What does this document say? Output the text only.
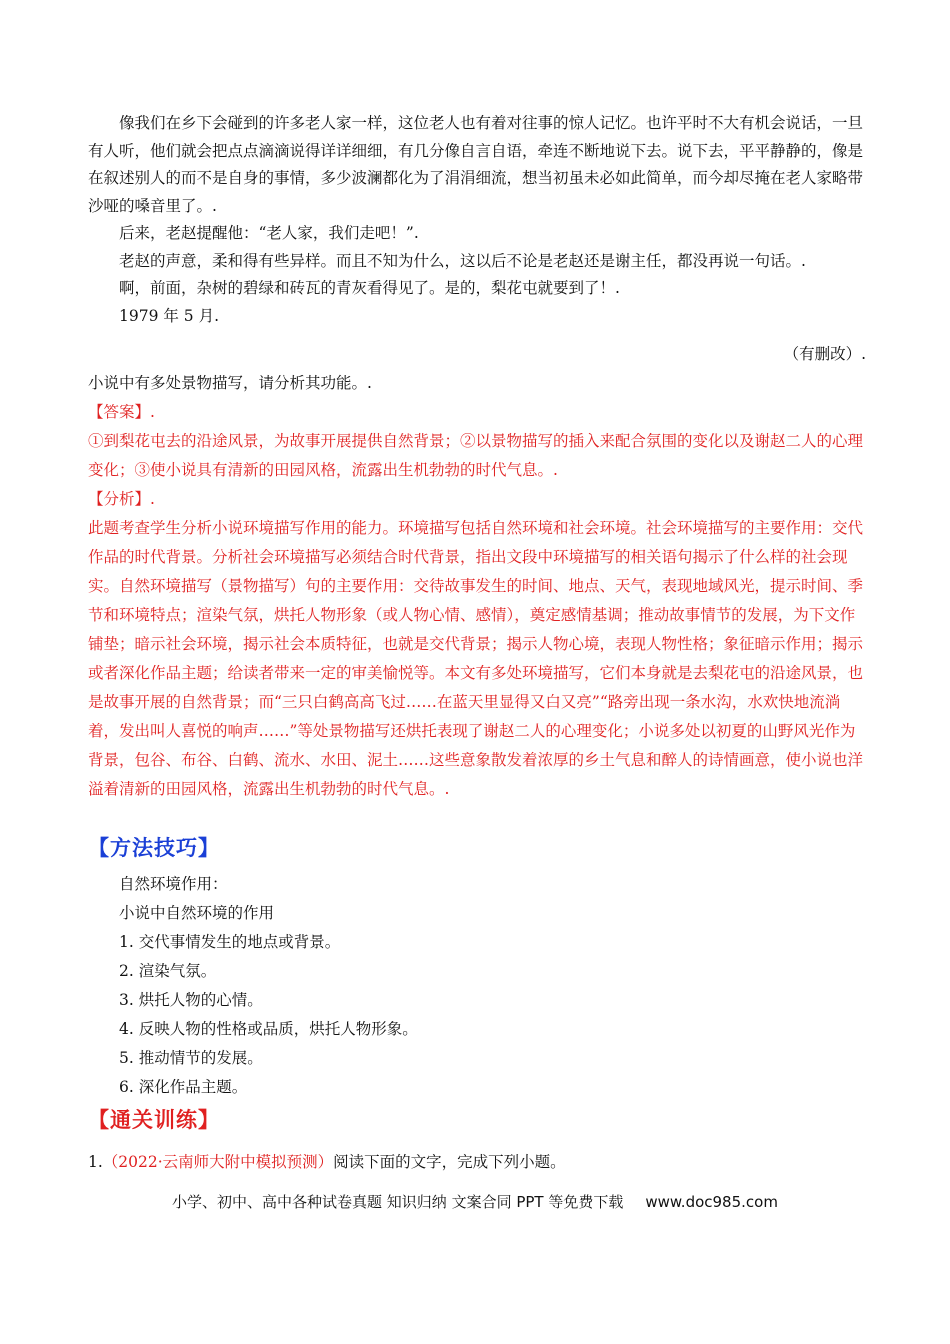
像我们在乡下会碰到的许多老人家一样，这位老人也有着对往事的惊人记忆。也许平时不大有机会说话，一旦有人听，他们就会把点点滴滴说得详详细细，有几分像自言自语，牵连不断地说下去。说下去，平平静静的，像是在叙述别人的而不是自身的事情，多少波澜都化为了涓涓细流，想当初虽未必如此简单，而今却尽掩在老人家略带沙哑的嗓音里了。.

后来，老赵提醒他：“老人家，我们走吧！”.

老赵的声意，柔和得有些异样。而且不知为什么，这以后不论是老赵还是谢主任，都没再说一句话。.

啊，前面，杂树的碧绿和砖瓦的青灰看得见了。是的，梨花屯就要到了！.

1979 年 5 月.

（有删改）.

小说中有多处景物描写，请分析其功能。.

【答案】.

①到梨花屯去的沿途风景，为故事开展提供自然背景；②以景物描写的插入来配合氛围的变化以及谢赵二人的心理变化；③使小说具有清新的田园风格，流露出生机勃勃的时代气息。.

【分析】.

此题考查学生分析小说环境描写作用的能力。环境描写包括自然环境和社会环境。社会环境描写的主要作用：交代作品的时代背景。分析社会环境描写必须结合时代背景，指出文段中环境描写的相关语句揭示了什么样的社会现实。自然环境描写（景物描写）句的主要作用：交待故事发生的时间、地点、天气，表现地域风光，提示时间、季节和环境特点；渲染气氛，烘托人物形象（或人物心情、感情），奠定感情基调；推动故事情节的发展，为下文作铺垫；暗示社会环境，揭示社会本质特征，也就是交代背景；揭示人物心境，表现人物性格；象征暗示作用；揭示或者深化作品主题；给读者带来一定的审美愉悦等。本文有多处环境描写，它们本身就是去梨花屯的沿途风景，也是故事开展的自然背景；而“三只白鹤高高飞过……在蓝天里显得又白又亮”“路旁出现一条水沟，水欢快地流淌着，发出叫人喜悦的响声……”等处景物描写还烘托表现了谢赵二人的心理变化；小说多处以初夏的山野风光作为背景，包谷、布谷、白鹤、流水、水田、泥土……这些意象散发着浓厚的乡土气息和醉人的诗情画意，使小说也洋溢着清新的田园风格，流露出生机勃勃的时代气息。.

【方法技巧】

自然环境作用：

小说中自然环境的作用

1. 交代事情发生的地点或背景。

2. 渲染气氛。

3. 烘托人物的心情。

4. 反映人物的性格或品质，烘托人物形象。

5. 推动情节的发展。

6. 深化作品主题。

【通关训练】
1.（2022·云南师大附中模拟预测）阅读下面的文字，完成下列小题。
小学、初中、高中各种试卷真题 知识归纳 文案合同 PPT 等免费下载 www.doc985.com
